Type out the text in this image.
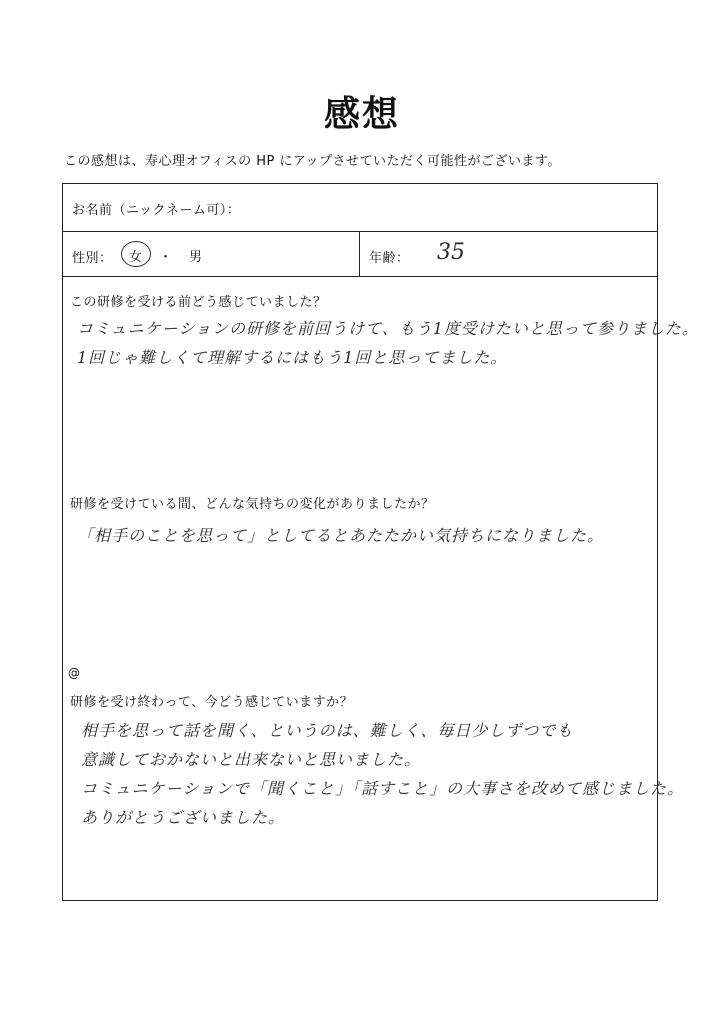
感想
この感想は、寿心理オフィスの HP にアップさせていただく可能性がございます。
お名前（ニックネーム可）：
性別： 女 ・ 男	年齢： 35
この研修を受ける前どう感じていました？
コミュニケーションの研修を前回うけて、もう1度受けたいと思って参りました。
1回じゃ難しくて理解するにはもう1回と思ってました。
研修を受けている間、どんな気持ちの変化がありましたか？
「相手のことを思って」としてるとあたたかい気持ちになりました。
@
研修を受け終わって、今どう感じていますか？
相手を思って話を聞く、というのは、難しく、毎日少しずつでも
意識しておかないと出来ないと思いました。
コミュニケーションで「聞くこと」「話すこと」の大事さを改めて感じました。
ありがとうございました。
